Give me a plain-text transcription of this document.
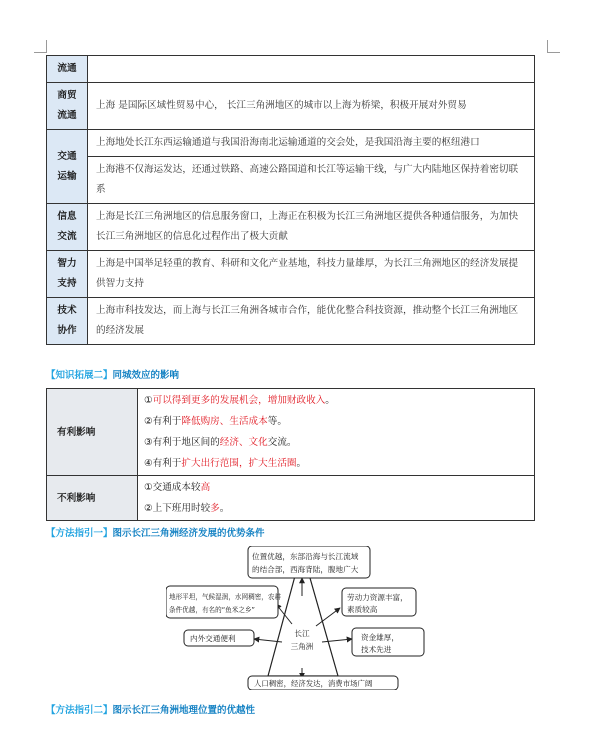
流通	
商贸流通	上海 是国际区域性贸易中心， 长江三角洲地区的城市以上海为桥梁，积极开展对外贸易
交通运输	上海地处长江东西运输通道与我国沿海南北运输通道的交会处，是我国沿海主要的枢纽港口
	上海港不仅海运发达，还通过铁路、高速公路国道和长江等运输干线，与广大内陆地区保持着密切联系
信息交流	上海是长江三角洲地区的信息服务窗口，上海正在积极为长江三角洲地区提供各种通信服务，为加快长江三角洲地区的信息化过程作出了极大贡献
智力支持	上海是中国举足轻重的教育、科研和文化产业基地，科技力量雄厚，为长江三角洲地区的经济发展提供智力支持
技术协作	上海市科技发达，而上海与长江三角洲各城市合作，能优化整合科技资源，推动整个长江三角洲地区的经济发展
【知识拓展二】同城效应的影响
有利影响	①可以得到更多的发展机会，增加财政收入。
②有利于降低购房、生活成本等。
③有利于地区间的经济、文化交流。
④有利于扩大出行范围，扩大生活圈。

不利影响	①交通成本较高
②上下班用时较多。
【方法指引一】图示长江三角洲经济发展的优势条件
位置优越，东部沿海与长江流域
的结合部，西海背陆，腹地广大
地形平坦，气候湿润，水网稠密，农耕
条件优越，有名的“鱼米之乡”
劳动力资源丰富，
素质较高
内外交通便利	资金雄厚，
技术先进
人口稠密，经济发达，消费市场广阔
长江
三角洲
【方法指引二】图示长江三角洲地理位置的优越性
